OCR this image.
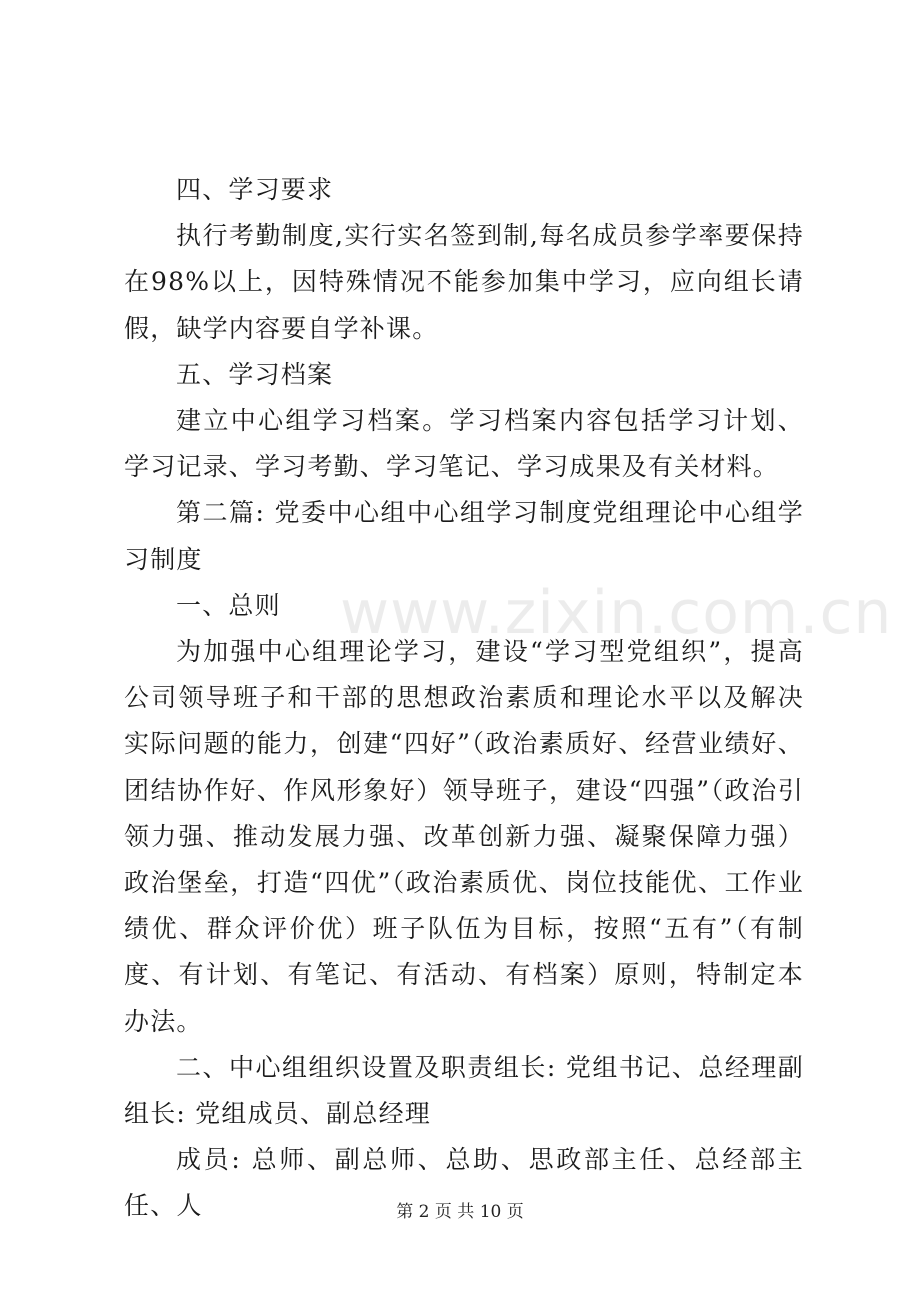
www.zixin.com.cn

四、学习要求

执行考勤制度,实行实名签到制,每名成员参学率要保持在98%以上，因特殊情况不能参加集中学习，应向组长请假，缺学内容要自学补课。

五、学习档案

建立中心组学习档案。学习档案内容包括学习计划、学习记录、学习考勤、学习笔记、学习成果及有关材料。

第二篇: 党委中心组中心组学习制度党组理论中心组学习制度

一、总则

为加强中心组理论学习，建设“学习型党组织”，提高公司领导班子和干部的思想政治素质和理论水平以及解决实际问题的能力，创建“四好”（政治素质好、经营业绩好、团结协作好、作风形象好）领导班子，建设“四强”（政治引领力强、推动发展力强、改革创新力强、凝聚保障力强）政治堡垒，打造“四优”（政治素质优、岗位技能优、工作业绩优、群众评价优）班子队伍为目标，按照“五有”（有制度、有计划、有笔记、有活动、有档案）原则，特制定本办法。

二、中心组组织设置及职责组长: 党组书记、总经理副组长: 党组成员、副总经理

成员: 总师、副总师、总助、思政部主任、总经部主任、人	第 2 页 共 10 页
